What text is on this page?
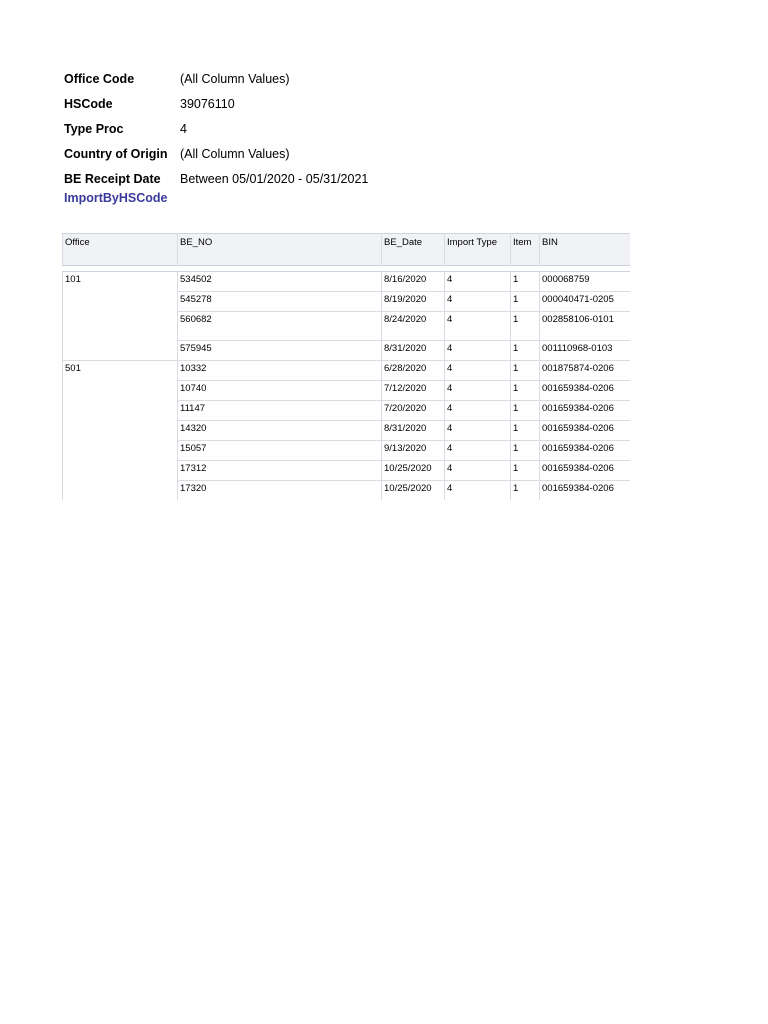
Office Code	(All Column Values)
HSCode	39076110
Type Proc	4
Country of Origin	(All Column Values)
BE Receipt Date	Between 05/01/2020 - 05/31/2021
ImportByHSCode
Office	BE_NO	BE_Date	Import Type	Item	BIN

101	534502	8/16/2020	4	1	000068759
	545278	8/19/2020	4	1	000040471-0205
	560682	8/24/2020	4	1	002858106-0101
	575945	8/31/2020	4	1	001110968-0103
501	10332	6/28/2020	4	1	001875874-0206
	10740	7/12/2020	4	1	001659384-0206
	11147	7/20/2020	4	1	001659384-0206
	14320	8/31/2020	4	1	001659384-0206
	15057	9/13/2020	4	1	001659384-0206
	17312	10/25/2020	4	1	001659384-0206
	17320	10/25/2020	4	1	001659384-0206
